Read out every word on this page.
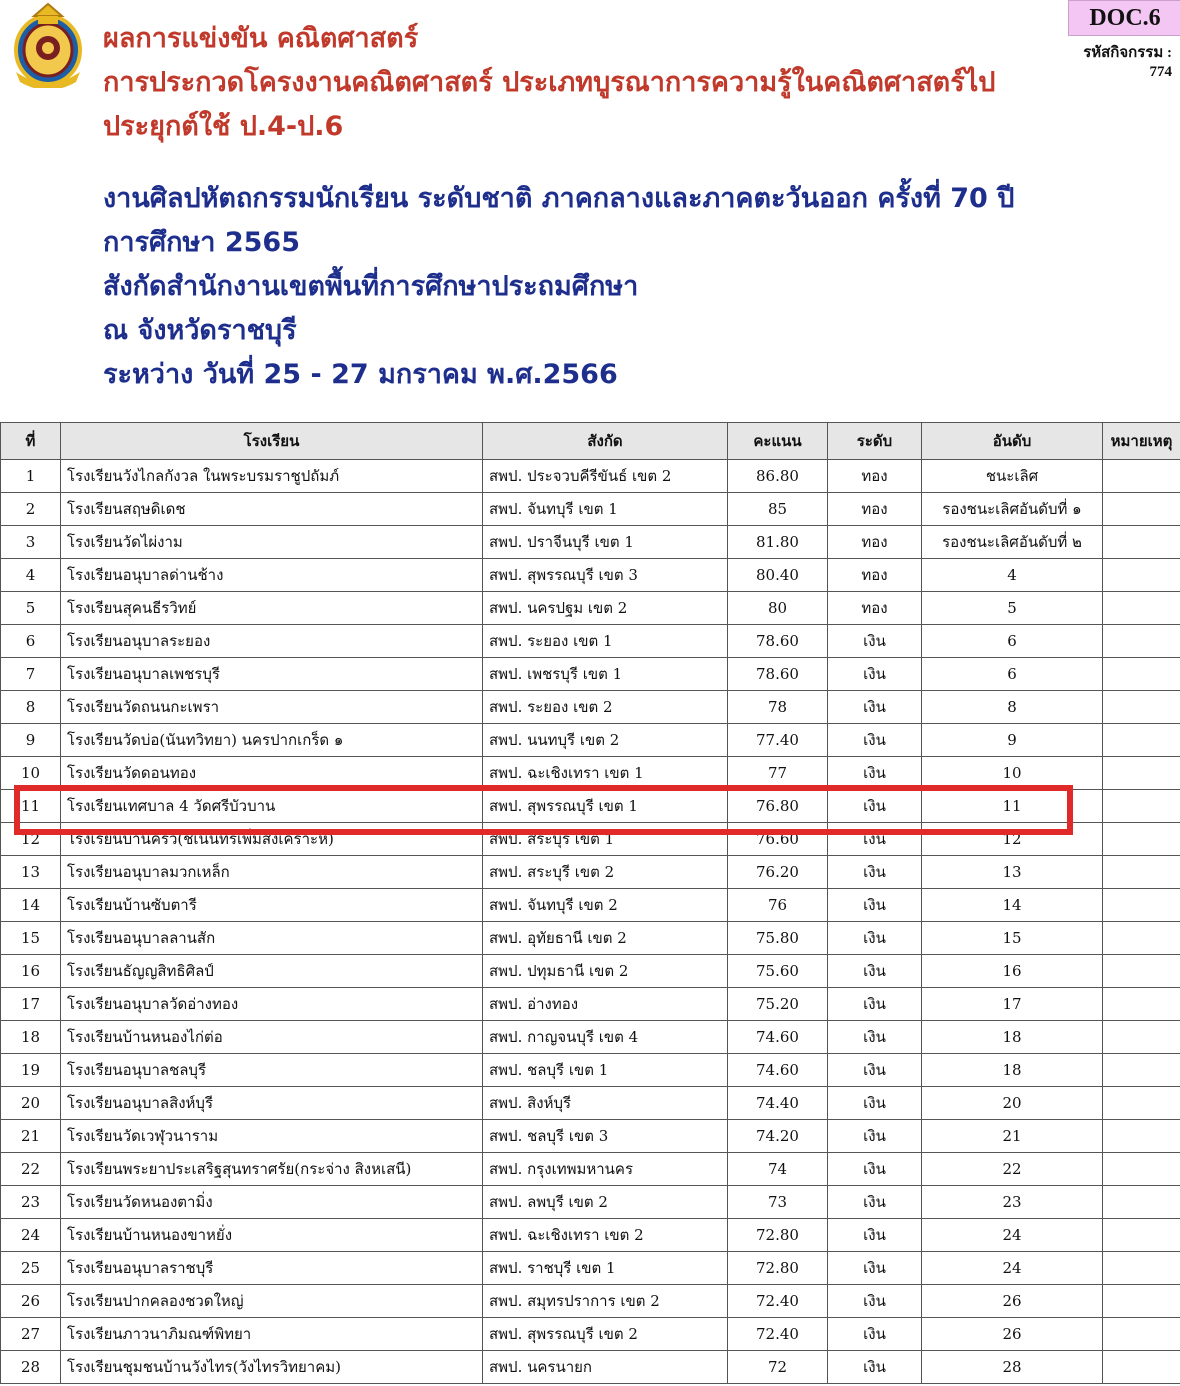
DOC.6
รหัสกิจกรรม :
774
ผลการแข่งขัน คณิตศาสตร์
การประกวดโครงงานคณิตศาสตร์ ประเภทบูรณาการความรู้ในคณิตศาสตร์ไป
ประยุกต์ใช้ ป.4-ป.6
งานศิลปหัตถกรรมนักเรียน ระดับชาติ ภาคกลางและภาคตะวันออก ครั้งที่ 70 ปี
การศึกษา 2565
สังกัดสำนักงานเขตพื้นที่การศึกษาประถมศึกษา
ณ จังหวัดราชบุรี
ระหว่าง วันที่ 25 - 27 มกราคม พ.ศ.2566
ที่	โรงเรียน	สังกัด	คะแนน	ระดับ	อันดับ	หมายเหตุ
1	โรงเรียนวังไกลกังวล ในพระบรมราชูปถัมภ์	สพป. ประจวบคีรีขันธ์ เขต 2	86.80	ทอง	ชนะเลิศ	
2	โรงเรียนสฤษดิเดช	สพป. จันทบุรี เขต 1	85	ทอง	รองชนะเลิศอันดับที่ ๑	
3	โรงเรียนวัดไผ่งาม	สพป. ปราจีนบุรี เขต 1	81.80	ทอง	รองชนะเลิศอันดับที่ ๒	
4	โรงเรียนอนุบาลด่านช้าง	สพป. สุพรรณบุรี เขต 3	80.40	ทอง	4	
5	โรงเรียนสุคนธีรวิทย์	สพป. นครปฐม เขต 2	80	ทอง	5	
6	โรงเรียนอนุบาลระยอง	สพป. ระยอง เขต 1	78.60	เงิน	6	
7	โรงเรียนอนุบาลเพชรบุรี	สพป. เพชรบุรี เขต 1	78.60	เงิน	6	
8	โรงเรียนวัดถนนกะเพรา	สพป. ระยอง เขต 2	78	เงิน	8	
9	โรงเรียนวัดบ่อ(นันทวิทยา) นครปากเกร็ด ๑	สพป. นนทบุรี เขต 2	77.40	เงิน	9	
10	โรงเรียนวัดดอนทอง	สพป. ฉะเชิงเทรา เขต 1	77	เงิน	10	
11	โรงเรียนเทศบาล 4 วัดศรีบัวบาน	สพป. สุพรรณบุรี เขต 1	76.80	เงิน	11	
12	โรงเรียนบ้านครัว(ชเนนทร์เพิ่มสงเคราะห์)	สพป. สระบุรี เขต 1	76.60	เงิน	12	
13	โรงเรียนอนุบาลมวกเหล็ก	สพป. สระบุรี เขต 2	76.20	เงิน	13	
14	โรงเรียนบ้านซับตารี	สพป. จันทบุรี เขต 2	76	เงิน	14	
15	โรงเรียนอนุบาลลานสัก	สพป. อุทัยธานี เขต 2	75.80	เงิน	15	
16	โรงเรียนธัญญสิทธิศิลป์	สพป. ปทุมธานี เขต 2	75.60	เงิน	16	
17	โรงเรียนอนุบาลวัดอ่างทอง	สพป. อ่างทอง	75.20	เงิน	17	
18	โรงเรียนบ้านหนองไก่ต่อ	สพป. กาญจนบุรี เขต 4	74.60	เงิน	18	
19	โรงเรียนอนุบาลชลบุรี	สพป. ชลบุรี เขต 1	74.60	เงิน	18	
20	โรงเรียนอนุบาลสิงห์บุรี	สพป. สิงห์บุรี	74.40	เงิน	20	
21	โรงเรียนวัดเวฬุวนาราม	สพป. ชลบุรี เขต 3	74.20	เงิน	21	
22	โรงเรียนพระยาประเสริฐสุนทราศรัย(กระจ่าง สิงหเสนี)	สพป. กรุงเทพมหานคร	74	เงิน	22	
23	โรงเรียนวัดหนองตามิ่ง	สพป. ลพบุรี เขต 2	73	เงิน	23	
24	โรงเรียนบ้านหนองขาหยั่ง	สพป. ฉะเชิงเทรา เขต 2	72.80	เงิน	24	
25	โรงเรียนอนุบาลราชบุรี	สพป. ราชบุรี เขต 1	72.80	เงิน	24	
26	โรงเรียนปากคลองชวดใหญ่	สพป. สมุทรปราการ เขต 2	72.40	เงิน	26	
27	โรงเรียนภาวนาภิมณฑ์พิทยา	สพป. สุพรรณบุรี เขต 2	72.40	เงิน	26	
28	โรงเรียนชุมชนบ้านวังไทร(วังไทรวิทยาคม)	สพป. นครนายก	72	เงิน	28	
